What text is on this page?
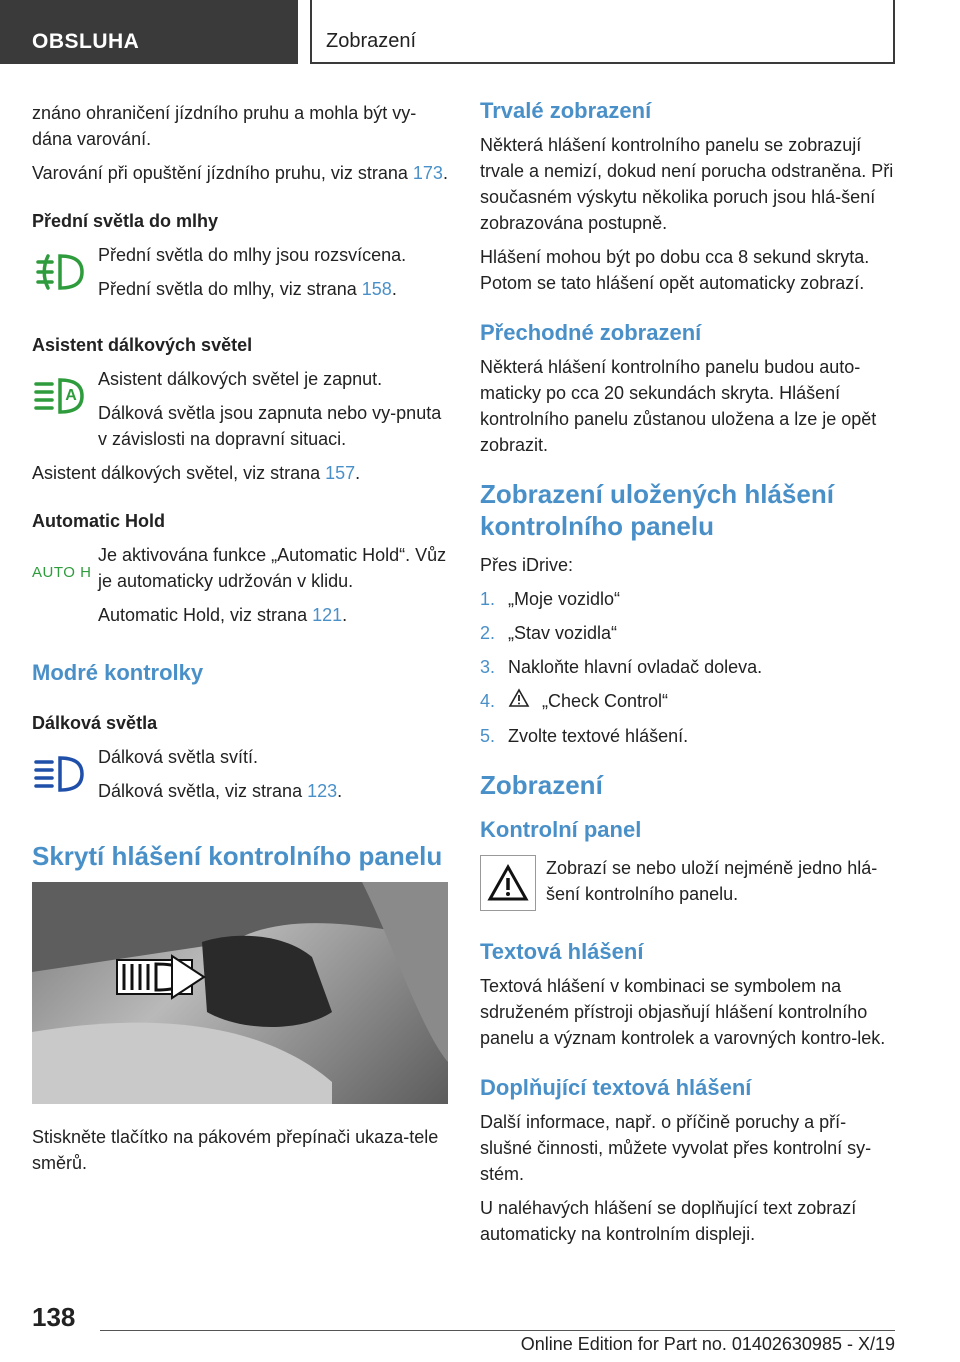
OBSLUHA	Zobrazení

znáno ohraničení jízdního pruhu a mohla být vy-dána varování.

Varování při opuštění jízdního pruhu, viz strana 173.

Přední světla do mlhy

Přední světla do mlhy jsou rozsvícena.

Přední světla do mlhy, viz strana 158.

Asistent dálkových světel
A

Asistent dálkových světel je zapnut.

Dálková světla jsou zapnuta nebo vy-pnuta v závislosti na dopravní situaci.

Asistent dálkových světel, viz strana 157.

Automatic Hold
AUTO H

Je aktivována funkce „Automatic Hold“. Vůz je automaticky udržován v klidu.

Automatic Hold, viz strana 121.

Modré kontrolky
Dálková světla

Dálková světla svítí.

Dálková světla, viz strana 123.

Skrytí hlášení kontrolního panelu

Stiskněte tlačítko na pákovém přepínači ukaza-tele směrů.

Trvalé zobrazení

Některá hlášení kontrolního panelu se zobrazují trvale a nemizí, dokud není porucha odstraněna. Při současném výskytu několika poruch jsou hlá-šení zobrazována postupně.

Hlášení mohou být po dobu cca 8 sekund skryta. Potom se tato hlášení opět automaticky zobrazí.

Přechodné zobrazení

Některá hlášení kontrolního panelu budou auto-maticky po cca 20 sekundách skryta. Hlášení kontrolního panelu zůstanou uložena a lze je opět zobrazit.

Zobrazení uložených hlášení kontrolního panelu

Přes iDrive:

1. „Moje vozidlo“
2. „Stav vozidla“
3. Nakloňte hlavní ovladač doleva.
4.	„Check Control“
5. Zvolte textové hlášení.
Zobrazení
Kontrolní panel

Zobrazí se nebo uloží nejméně jedno hlá-šení kontrolního panelu.

Textová hlášení

Textová hlášení v kombinaci se symbolem na sdruženém přístroji objasňují hlášení kontrolního panelu a význam kontrolek a varovných kontro-lek.

Doplňující textová hlášení

Další informace, např. o příčině poruchy a pří-slušné činnosti, můžete vyvolat přes kontrolní sy-stém.

U naléhavých hlášení se doplňující text zobrazí automaticky na kontrolním displeji.

138
Online Edition for Part no. 01402630985 - X/19
